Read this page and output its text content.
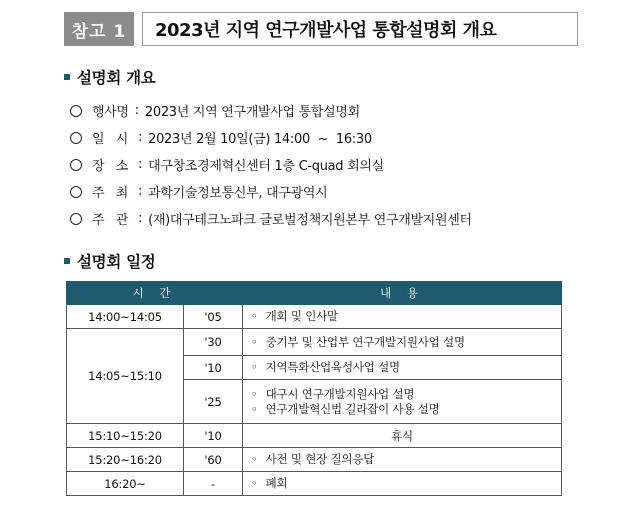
참고 1	2023년 지역 연구개발사업 통합설명회 개요
설명회 개요
행사명 : 2023년 지역 연구개발사업 통합설명회
일   시 : 2023년 2월 10일(금) 14:00  ~  16:30
장   소 : 대구창조경제혁신센터 1층 C-quad 회의실
주   최 : 과학기술정보통신부, 대구광역시
주   관 : (재)대구테크노파크 글로벌정책지원본부 연구개발지원센터
설명회 일정
시 간		내 용
14:00~14:05	'05	◦ 개회 및 인사말

14:05~15:10	'30	◦ 중기부 및 산업부 연구개발지원사업 설명

	'10	◦ 지역특화산업육성사업 설명

	'25	◦ 대구시 연구개발지원사업 설명
◦ 연구개발혁신법 길라잡이 사용 설명

15:10~15:20	'10	휴식
15:20~16:20	'60	◦ 사전 및 현장 질의응답

16:20~	-	◦ 폐회
